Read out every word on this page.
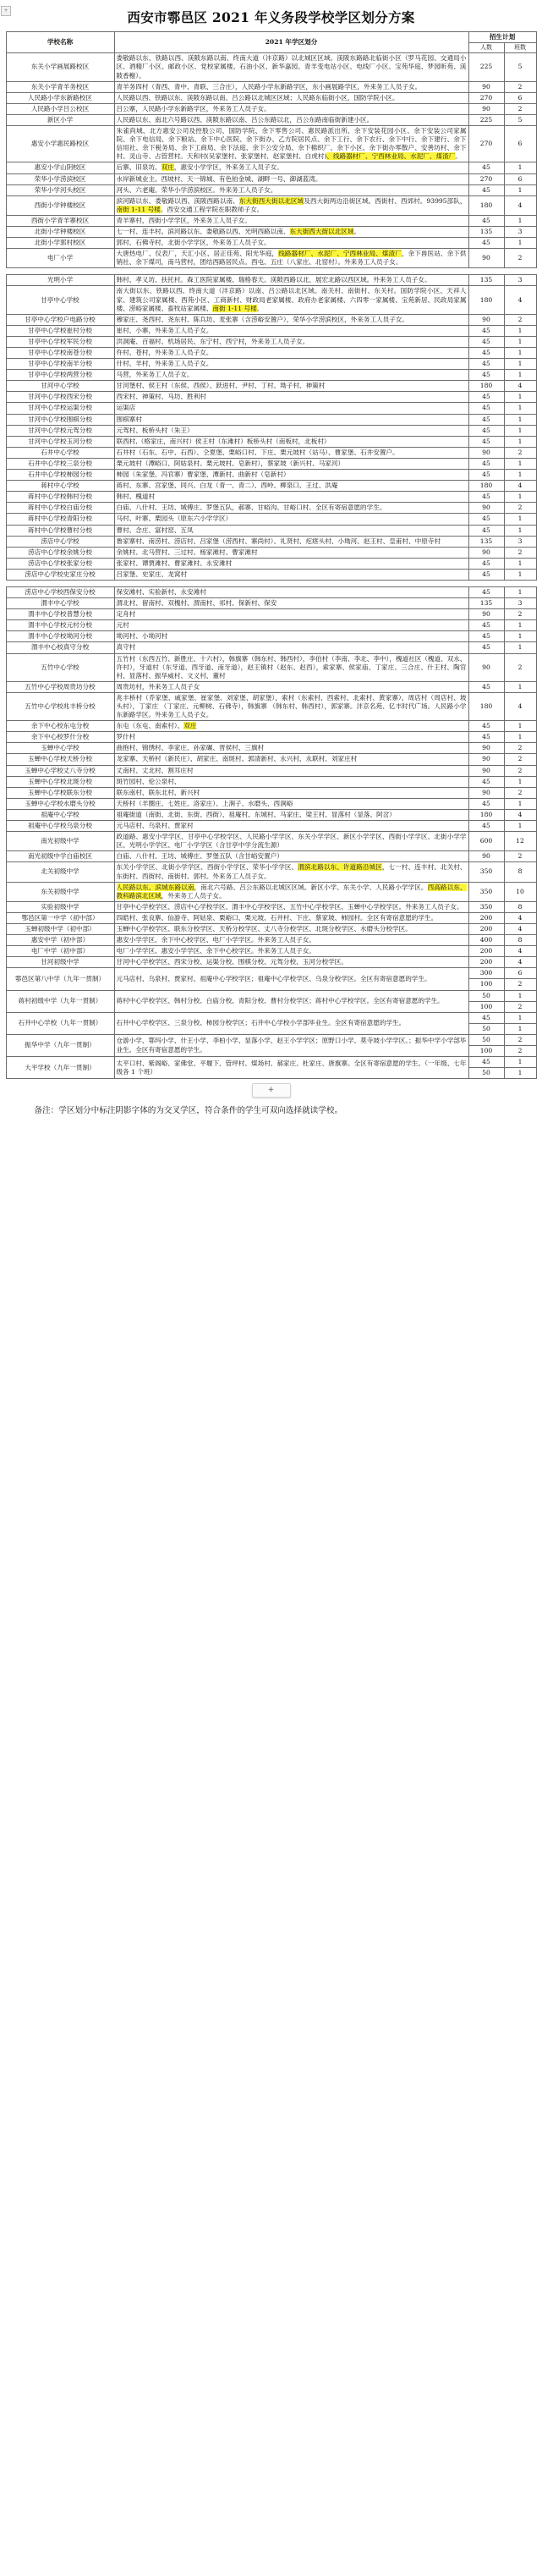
+	西安市鄠邑区 2021 年义务段学校学区划分方案
学校名称	2021 年学区划分	招生计划	
		人数	班数
东关小学画展路校区	娄敬路以东、铁路以西、渼陂东路以南、终南大道（沣京路）以北城区区域。渼陂东路路北临街小区（罗马花园、交通局小区、酒精厂小区、邮政小区、党校家属楼、石油小区、新华嘉园、青羊变电站小区、电线厂小区、宝苑华庭、梦园昕苑、渼陂香榭）。	225	5
东关小学青羊务校区	青羊务四村（青西、青中、青联、三合庄），人民路小学东新路学区，东小画展路学区，外来务工人员子女。	90	2
人民路小学东新路校区	人民路以西、铁路以东、渼陂东路以南、吕公路以北城区区域；人民路东临街小区，国防学院小区。	270	6
人民路小学吕公校区	吕公寨，人民路小学东新路学区，外来务工人员子女。	90	2
新区小学	人民路以东、南北六号路以西、渼陂东路以南、吕公东路以北，吕公东路南临街新建小区。	225	5
惠安小学惠民路校区	朱雀尚城、北方惠安公司及控股公司、国防学院、余下零售公司、惠民路派出所、余下安装花园小区、余下安装公司家属院、余下电信局、余下粮站、余下中心医院、余下街办、乙方院居民点、余下工行、余下农行、余下中行、余下建行、余下信用社、余下税务局、余下工商局、余下法庭、余下公安分局、余下棉织厂、余下小区、余下街办零散户、安善坊村、余下村、灵山寺、占管营村。天和村(吴家堡村、张家堡村、赵家堡村、白虎村)、线路器材厂、宁西林业局、水泥厂、煤渣厂。	270	6
惠安小学山阴校区	后寨、旧泉坊、双庄，惠安小学学区，外来务工人员子女。	45	1
荣华小学涝滨校区	水岸新城业主。西坡村、天一锦城、有色铂金城、湖畔一号、御湖蓝湾。	270	6
荣华小学河头校区	河头、六老庵。荣华小学涝滨校区。外来务工人员子女。	45	1
西街小学钟楼校区	滨河路以东、娄敬路以西、渼陂西路以南、东大街西大街以北区域及西大街两边沿街区域。西街村、西郊村。93995部队，南街 1-11 号楼。西安交通工程学院在职教师子女。	180	4
西街小学青羊寨校区	青羊寨村，西街小学学区，外来务工人员子女。	45	1
北街小学钟楼校区	七一村、连丰村。滨河路以东、娄敬路以西、光明西路以南、东大街西大街以北区域。	135	3
北街小学郭村校区	郭村、石佛寺村，北街小学学区，外来务工人员子女。	45	1
电厂小学	大唐热电厂、仪表厂，天汇小区、居正佳苑、阳光华庭，线路器材厂、水泥厂、宁西林业局、煤渣厂，余下兽医站、余下供销社、余下煤司，南马营村，团结西路居民点。西屯、五庄（八家庄、北窑村）。外来务工人员子女。	90	2

光明小学	韩村、孝义坊、扶托村。森工医院家属楼、瑞格春天。渼陂西路以北、展宏北路以西区域。外来务工人员子女。	135	3
甘亭中心学校	南大街以东、铁路以西、终南大道（沣京路）以南、吕公路以北区域。南关村、南街村、东关村。国防学院小区、天祥人家、建筑公司家属楼、西苑小区、工商新村、财政局老家属楼、政府办老家属楼、六四零一家属楼、宝苑新居、民政局家属楼、涝峪家属楼、畜牧站家属楼、南街 1-11 号楼。	180	4
甘亭中心学校户电路分校	穆家庄、尧西村、尧东村、陈兵坊、麦张寨（含涝峪安置户），荣华小学涝滨校区，外来务工人员子女。	90	2
甘亭中心学校崔村分校	崔村、小寨，外来务工人员子女。	45	1
甘亭中心学校军民分校	洪洞庵、百福村、机场居民、东宁村、西宁村，外来务工人员子女。	45	1
甘亭中心学校南苍分校	仵村、苍村，外来务工人员子女。	45	1
甘亭中心学校南羊分校	什村、羊村，外来务工人员子女。	45	1
甘亭中心学校两营分校	马营，外来务工人员子女。	45	1
甘河中心学校	甘河堡村、侯王村（东侯、西侯）、跃进村、尹村、丁村、坳子村、神策村	180	4
甘河中心学校西宋分校	西宋村、神策村、马坊、胜利村	45	1
甘河中心学校运渠分校	运渠店	45	1
甘河中心学校围棋分校	围棋寨村	45	1
甘河中心学校元驾分校	元驾村、板桥头村（朱王）	45	1
甘河中心学校玉河分校	联西村,（格家庄，南兴村）侯王村（东滩村）板桥头村（南板村，北板村）	45	1
石井中心学校	石井村（石东、石中、石西）、仝夏堡、栗峪口村、下庄、栗元坡村（站马）、曹家堡、石井安置户。	90	2
石井中心学校三泉分校	栗元坡村（潭峪口、阿姑泉村、栗元坡村、皂新村），蔡家坡（新兴村、马家河）	45	1
石井中心学校柿园分校	柿园（朱家堡、冯官寨）曹家堡、潭新村、曲新村（皂新村）	45	1
蒋村中心学校	蒋村、东寨、宫家堡、同兴、白龙（青一、青二）、西岭、柳泉口、王过、洪庵	180	4
蒋村中心学校韩村分校	韩村、槐道村	45	1
蒋村中心学校白庙分校	白庙、八什村、王坊、城傅庄、罗堡五队，郝寨、甘峪沟、甘峪口村。全区有寄宿意愿的学生。	90	2
蒋村中心学校青阳分校	马村、叶寨、栗园头（原东六小学学区）	45	1
蒋村中心学校曹村分校	曹村、念庄、富村窑、五凤	45	1
涝店中心学校	鲁家寨村、南涝村、涝店村、吕家堡（涝西村、寨尚村）、礼贤村、疙瘩头村、小坳河、赵王村、皇甫村、中原寺村	135	3
涝店中心学校余姚分校	余姚村、北马营村、三过村、杨家滩村、曹家滩村	90	2
涝店中心学校张家分校	张家村、谭贾滩村、曹家滩村、永安滩村	45	1
涝店中心学校史家庄分校	吕家堡、史家庄、龙窝村	45	1

涝店中心学校西保安分校	保安滩村、实验新村、永安滩村	45	1
渭丰中心学校	渭北村、留南村、双槐村、渭南村、祁村、保新村、保安	135	3
渭丰中心学校普慧分校	定舟村	90	2
渭丰中心学校元村分校	元村	45	1
渭丰中心学校坳河分校	坳河村、小坳河村	45	1
渭丰中心校真守分校	真守村	45	1
五竹中心学校	五竹村（东西五竹、新胜庄、十六村），韩旗寨（韩东村、韩西村），李伯村（李南、李北、李中），槐道社区（槐道、双永、许村），牙道村（东牙道、西牙道、南牙道），赵王镇村（赵东、赵西），索家寨、侯家庙、丁家庄、三合庄、什王村、陶官村、显落村、振华威村、文义村、董村	90	2
五竹中心学校周贵坊分校	周贵坊村，外来务工人员子女	45	1
五竹中心学校兆丰桥分校	兆丰桥村（乔家堡、戚家堡、崔家堡、刘家堡、胡家堡），索村（东索村、西索村、北索村、黄家寨），周店村（周店村、坡头村），丁家庄 （丁家庄、元柳树、石佛寺），韩旗寨 （韩东村、韩西村），郭家寨。沣京名苑、亿丰时代广场。人民路小学东新路学区。外来务工人员子女。	180	4
余下中心校东屯分校	东屯（东屯、南索村）、双庄	45	1
余下中心校罗什分校	罗什村	45	1
玉蝉中心学校	曲抱村、锦绣村、李家庄、孙家碾、晋侯村、三旗村	90	2
玉蝉中心学校天桥分校	龙家寨、天桥村（新民庄）、胡家庄、南斑村、郭清新村、永兴村、永联村、刘家庄村	90	2
玉蝉中心学校丈八寺分校	丈南村、丈北村、割耳庄村	90	2
玉蝉中心学校北斑分校	斑竹园村、伦公泉村、	45	1
玉蝉中心学校联东分校	联东南村、联东北村、新兴村	90	2
玉蝉中心学校水磨头分校	天桥村（羊圈庄、七姓庄、洛家庄）、上涧子、水磨头、西涧峪	45	1
祖庵中心学校	祖庵街道（南街、北街、东街、西街）、祖庵村、东城村、马家庄、梁王村、显落村（显落、阿岔）	180	4
祖庵中心学校乌泉分校	元马店村、乌泉村、贾家村	45	1
南光初级中学	政道路、惠安小学学区、甘亭中心学校学区、人民路小学学区、东关小学学区、新区小学学区、西街小学学区、北街小学学区、光明小学学区、电厂小学学区（含甘亭中学分流生源）	600	12
南光初级中学白庙校区	白庙、八什村、王坊、城傅庄、罗堡五队（含甘峪安置户）	90	2
北关初级中学	东关小学学区、北街小学学区、西街小学学区、荣华小学学区、渭滨北路以东、许道路沿城区，七一村、连丰村、北关村、东街村、西街村、南街村、郭村。外来务工人员子女。	350	8
东关初级中学	人民路以东、滨城东路以南，南北六号路、吕公东路以北城区区域。新区小学、东关小学、人民路小学学区。西高路以东、教科路滨北区域，外来务工人员子女。	350	10
实验初级中学	甘亭中心学校学区、涝店中心学校学区、渭丰中心学校学区、五竹中心学校学区、玉蝉中心学校学区。外来务工人员子女。	350	8
鄂邑区第一中学（初中部）	四皓村、张良寨、仙游寺、阿姑泉、栗峪口、栗元坡、石井村、下庄、蔡家坡、柿园村。全区有寄宿意愿的学生。	200	4
玉蝉初级中学（初中部）	玉蝉中心学校学区、联东分校学区、天桥分校学区、丈八寺分校学区、北斑分校学区、水磨头分校学区。	200	4
惠安中学（初中部）	惠安小学学区、余下中心校学区、电厂小学学区。外来务工人员子女。	400	8
电厂中学（初中部）	电厂小学学区、惠安小学学区、余下中心校学区。外来务工人员子女。	200	4
甘河初级中学	甘河中心学校学区、西宋分校、运渠分校、围棋分校、元驾分校、玉河分校学区。	200	4
鄠邑区第八中学（九年一贯制）	元马店村、乌泉村、贾家村、祖庵中心学校学区；祖庵中心学校学区、乌泉分校学区。全区有寄宿意愿的学生。	300	6
		100	2
蒋村初级中学（九年一贯制）	蒋村中心学校学区、韩村分校、白庙分校、青阳分校、曹村分校学区；蒋村中心学校学区。全区有寄宿意愿的学生。	50	1
		100	2
石井中心学校（九年一贯制）	石井中心学校学区、三泉分校、柿园分校学区；石井中心学校小学部毕业生。全区有寄宿意愿的学生。	45	1
		50	1
振华中学（九年一贯制）	仓游小学、鄠玛小学、什王小学、李柏小学、显落小学、赵王小学学区；原野口小学、莫寺坡小学学区。；振华中学小学部毕业生。全区有寄宿意愿的学生。	50	2
		100	2
大平学校（九年一贯制）	太平口村、紫阁峪、家佛堂、平堰下、管坪村、煤场村、郝家庄、杜家庄、唐旗寨。全区有寄宿意愿的学生。（一年级、七年级各 1 个班）	45	1
		50	1
+
备注：学区划分中标注阴影字体的为交叉学区，符合条件的学生可双向选择就读学校。
